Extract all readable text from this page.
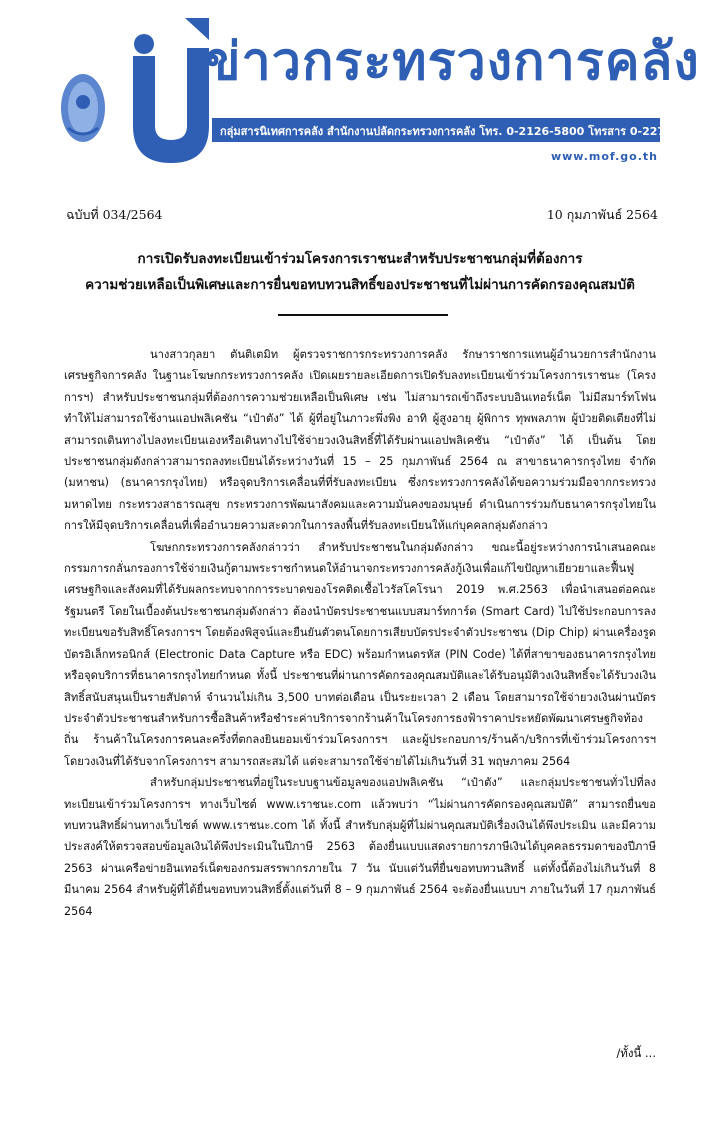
ข่าวกระทรวงการคลัง
กลุ่มสารนิเทศการคลัง สำนักงานปลัดกระทรวงการคลัง โทร. 0-2126-5800 โทรสาร 0-2273-9763
www.mof.go.th
ฉบับที่ 034/2564	10 กุมภาพันธ์ 2564
การเปิดรับลงทะเบียนเข้าร่วมโครงการเราชนะสำหรับประชาชนกลุ่มที่ต้องการ
ความช่วยเหลือเป็นพิเศษและการยื่นขอทบทวนสิทธิ์ของประชาชนที่ไม่ผ่านการคัดกรองคุณสมบัติ

นางสาวกุลยา ตันติเตมิท ผู้ตรวจราชการกระทรวงการคลัง รักษาราชการแทนผู้อำนวยการสำนักงานเศรษฐกิจการคลัง ในฐานะโฆษกกระทรวงการคลัง เปิดเผยรายละเอียดการเปิดรับลงทะเบียนเข้าร่วมโครงการเราชนะ (โครงการฯ) สำหรับประชาชนกลุ่มที่ต้องการความช่วยเหลือเป็นพิเศษ เช่น ไม่สามารถเข้าถึงระบบอินเทอร์เน็ต ไม่มีสมาร์ทโฟนทำให้ไม่สามารถใช้งานแอปพลิเคชัน “เป๋าตัง” ได้ ผู้ที่อยู่ในภาวะพึ่งพิง อาทิ ผู้สูงอายุ ผู้พิการ ทุพพลภาพ ผู้ป่วยติดเตียงที่ไม่สามารถเดินทางไปลงทะเบียนเองหรือเดินทางไปใช้จ่ายวงเงินสิทธิ์ที่ได้รับผ่านแอปพลิเคชัน “เป๋าตัง” ได้ เป็นต้น โดยประชาชนกลุ่มดังกล่าวสามารถลงทะเบียนได้ระหว่างวันที่ 15 – 25 กุมภาพันธ์ 2564 ณ สาขาธนาคารกรุงไทย จำกัด (มหาชน) (ธนาคารกรุงไทย) หรือจุดบริการเคลื่อนที่ที่รับลงทะเบียน ซึ่งกระทรวงการคลังได้ขอความร่วมมือจากกระทรวงมหาดไทย กระทรวงสาธารณสุข กระทรวงการพัฒนาสังคมและความมั่นคงของมนุษย์ ดำเนินการร่วมกับธนาคารกรุงไทยในการให้มีจุดบริการเคลื่อนที่เพื่ออำนวยความสะดวกในการลงพื้นที่รับลงทะเบียนให้แก่บุคคลกลุ่มดังกล่าว

โฆษกกระทรวงการคลังกล่าวว่า สำหรับประชาชนในกลุ่มดังกล่าว ขณะนี้อยู่ระหว่างการนำเสนอคณะกรรมการกลั่นกรองการใช้จ่ายเงินกู้ตามพระราชกำหนดให้อำนาจกระทรวงการคลังกู้เงินเพื่อแก้ไขปัญหาเยียวยาและฟื้นฟูเศรษฐกิจและสังคมที่ได้รับผลกระทบจากการระบาดของโรคติดเชื้อไวรัสโคโรนา 2019 พ.ศ.2563 เพื่อนำเสนอต่อคณะรัฐมนตรี โดยในเบื้องต้นประชาชนกลุ่มดังกล่าว ต้องนำบัตรประชาชนแบบสมาร์ทการ์ด (Smart Card) ไปใช้ประกอบการลงทะเบียนขอรับสิทธิ์โครงการฯ โดยต้องพิสูจน์และยืนยันตัวตนโดยการเสียบบัตรประจำตัวประชาชน (Dip Chip) ผ่านเครื่องรูดบัตรอิเล็กทรอนิกส์ (Electronic Data Capture หรือ EDC) พร้อมกำหนดรหัส (PIN Code) ได้ที่สาขาของธนาคารกรุงไทย หรือจุดบริการที่ธนาคารกรุงไทยกำหนด ทั้งนี้ ประชาชนที่ผ่านการคัดกรองคุณสมบัติและได้รับอนุมัติวงเงินสิทธิ์จะได้รับวงเงินสิทธิ์สนับสนุนเป็นรายสัปดาห์ จำนวนไม่เกิน 3,500 บาทต่อเดือน เป็นระยะเวลา 2 เดือน โดยสามารถใช้จ่ายวงเงินผ่านบัตรประจำตัวประชาชนสำหรับการซื้อสินค้าหรือชำระค่าบริการจากร้านค้าในโครงการธงฟ้าราคาประหยัดพัฒนาเศรษฐกิจท้องถิ่น ร้านค้าในโครงการคนละครึ่งที่ตกลงยินยอมเข้าร่วมโครงการฯ และผู้ประกอบการ/ร้านค้า/บริการที่เข้าร่วมโครงการฯ โดยวงเงินที่ได้รับจากโครงการฯ สามารถสะสมได้ แต่จะสามารถใช้จ่ายได้ไม่เกินวันที่ 31 พฤษภาคม 2564

สำหรับกลุ่มประชาชนที่อยู่ในระบบฐานข้อมูลของแอปพลิเคชัน “เป๋าตัง” และกลุ่มประชาชนทั่วไปที่ลงทะเบียนเข้าร่วมโครงการฯ ทางเว็บไซต์ www.เราชนะ.com แล้วพบว่า “ไม่ผ่านการคัดกรองคุณสมบัติ” สามารถยื่นขอทบทวนสิทธิ์ผ่านทางเว็บไซต์ www.เราชนะ.com ได้ ทั้งนี้ สำหรับกลุ่มผู้ที่ไม่ผ่านคุณสมบัติเรื่องเงินได้พึงประเมิน และมีความประสงค์ให้ตรวจสอบข้อมูลเงินได้พึงประเมินในปีภาษี 2563 ต้องยื่นแบบแสดงรายการภาษีเงินได้บุคคลธรรมดาของปีภาษี 2563 ผ่านเครือข่ายอินเทอร์เน็ตของกรมสรรพากรภายใน 7 วัน นับแต่วันที่ยื่นขอทบทวนสิทธิ์ แต่ทั้งนี้ต้องไม่เกินวันที่ 8 มีนาคม 2564 สำหรับผู้ที่ได้ยื่นขอทบทวนสิทธิ์ตั้งแต่วันที่ 8 – 9 กุมภาพันธ์ 2564 จะต้องยื่นแบบฯ ภายในวันที่ 17 กุมภาพันธ์ 2564

/ทั้งนี้ ...
